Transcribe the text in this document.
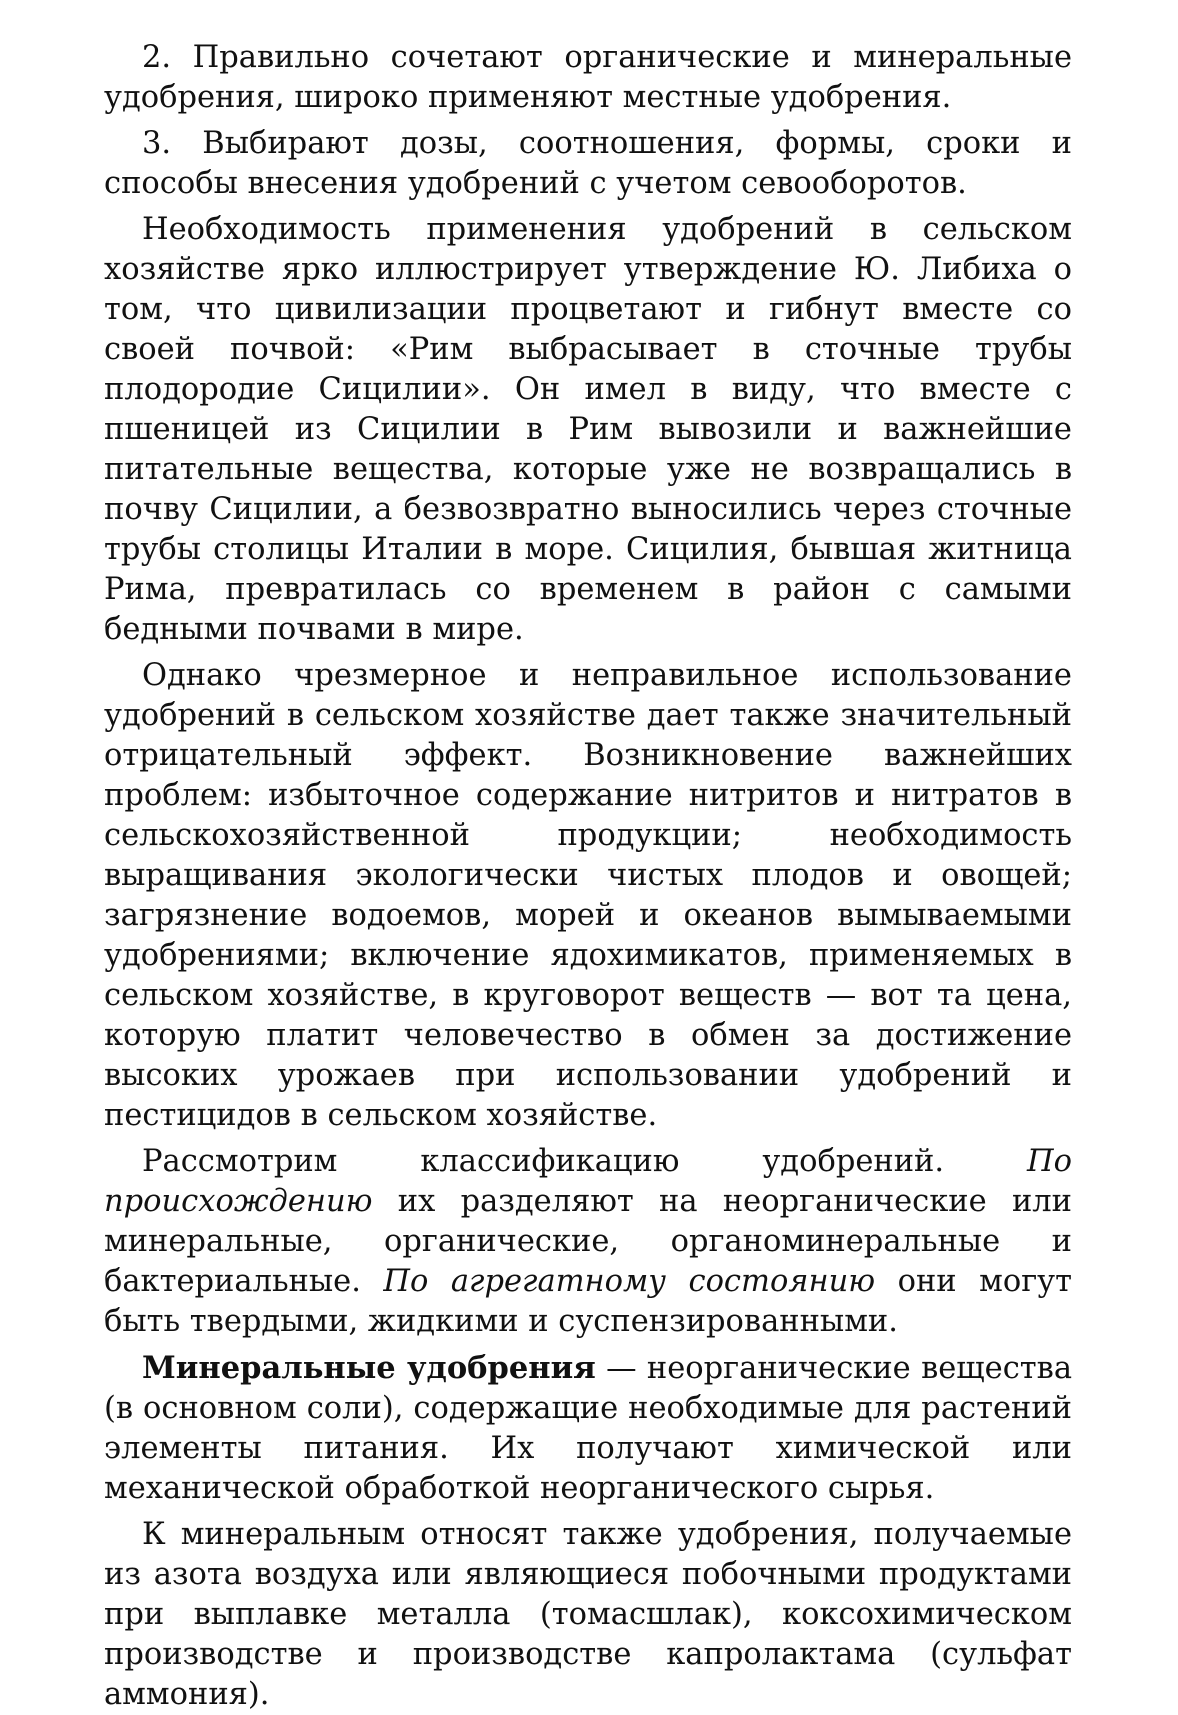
2. Правильно сочетают органические и минеральные удобрения, широко применяют местные удобрения.

3. Выбирают дозы, соотношения, формы, сроки и способы внесения удобрений с учетом севооборотов.

Необходимость применения удобрений в сельском хозяйстве ярко иллюстрирует утверждение Ю. Либиха о том, что цивилизации процветают и гибнут вместе со своей почвой: «Рим выбрасывает в сточные трубы плодородие Сицилии». Он имел в виду, что вместе с пшеницей из Сицилии в Рим вывозили и важнейшие питательные вещества, которые уже не возвращались в почву Сицилии, а безвозвратно выносились через сточные трубы столицы Италии в море. Сицилия, бывшая житница Рима, превратилась со временем в район с самыми бедными почвами в мире.

Однако чрезмерное и неправильное использование удобрений в сельском хозяйстве дает также значительный отрицательный эффект. Возникновение важнейших проблем: избыточное содержание нитритов и нитратов в сельскохозяйственной продукции; необходимость выращивания экологически чистых плодов и овощей; загрязнение водоемов, морей и океанов вымываемыми удобрениями; включение ядохимикатов, применяемых в сельском хозяйстве, в круговорот веществ — вот та цена, которую платит человечество в обмен за достижение высоких урожаев при использовании удобрений и пестицидов в сельском хозяйстве.

Рассмотрим классификацию удобрений. По происхождению их разделяют на неорганические или минеральные, органические, органоминеральные и бактериальные. По агрегатному состоянию они могут быть твердыми, жидкими и суспензированными.

Минеральные удобрения — неорганические вещества (в основном соли), содержащие необходимые для растений элементы питания. Их получают химической или механической обработкой неорганического сырья.

К минеральным относят также удобрения, получаемые из азота воздуха или являющиеся побочными продуктами при выплавке металла (томасшлак), коксохимическом производстве и производстве капролактама (сульфат аммония).
